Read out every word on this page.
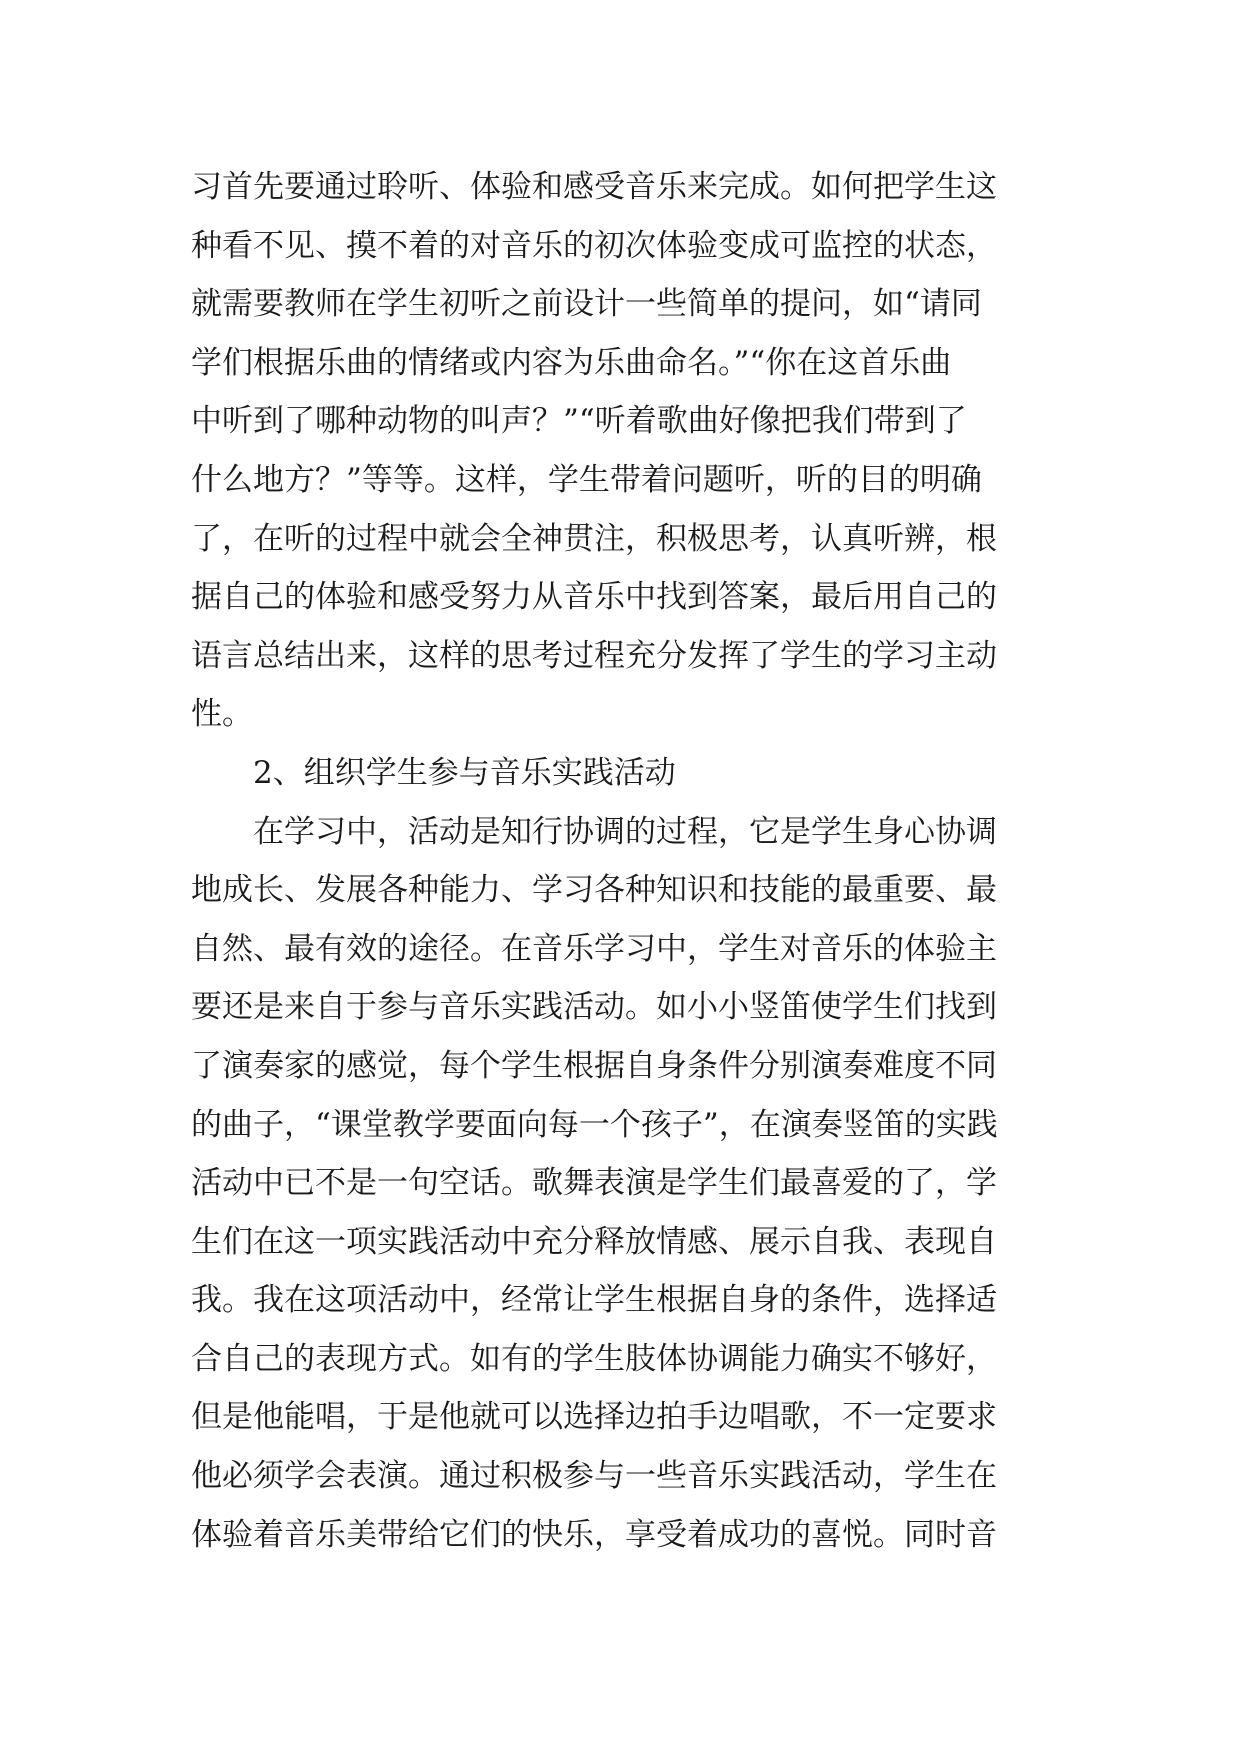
习首先要通过聆听、体验和感受音乐来完成。如何把学生这
种看不见、摸不着的对音乐的初次体验变成可监控的状态，
就需要教师在学生初听之前设计一些简单的提问，如“请同
学们根据乐曲的情绪或内容为乐曲命名。”“你在这首乐曲
中听到了哪种动物的叫声？”“听着歌曲好像把我们带到了
什么地方？”等等。这样，学生带着问题听，听的目的明确
了，在听的过程中就会全神贯注，积极思考，认真听辨，根
据自己的体验和感受努力从音乐中找到答案，最后用自己的
语言总结出来，这样的思考过程充分发挥了学生的学习主动
性。
2、组织学生参与音乐实践活动
在学习中，活动是知行协调的过程，它是学生身心协调
地成长、发展各种能力、学习各种知识和技能的最重要、最
自然、最有效的途径。在音乐学习中，学生对音乐的体验主
要还是来自于参与音乐实践活动。如小小竖笛使学生们找到
了演奏家的感觉，每个学生根据自身条件分别演奏难度不同
的曲子，“课堂教学要面向每一个孩子”，在演奏竖笛的实践
活动中已不是一句空话。歌舞表演是学生们最喜爱的了，学
生们在这一项实践活动中充分释放情感、展示自我、表现自
我。我在这项活动中，经常让学生根据自身的条件，选择适
合自己的表现方式。如有的学生肢体协调能力确实不够好，
但是他能唱，于是他就可以选择边拍手边唱歌，不一定要求
他必须学会表演。通过积极参与一些音乐实践活动，学生在
体验着音乐美带给它们的快乐，享受着成功的喜悦。同时音
